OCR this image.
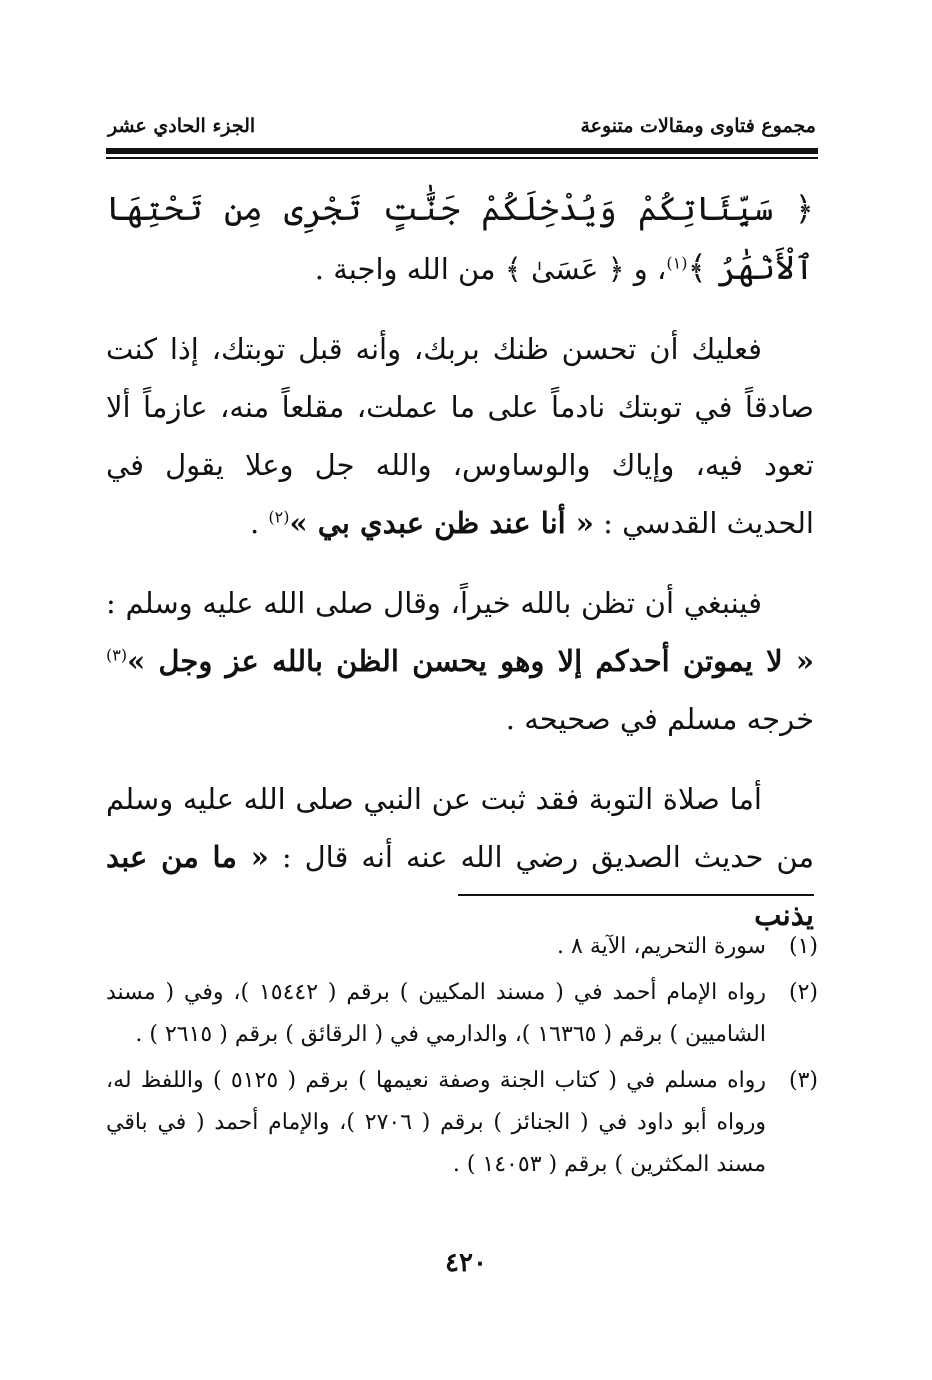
الجزء الحادي عشر	مجموع فتاوى ومقالات متنوعة

﴿ سَيِّئَاتِكُمْ وَيُدْخِلَكُمْ جَنَّٰتٍ تَجْرِى مِن تَحْتِهَا ٱلْأَنْهَٰرُ ﴾$^{(١)}$، و ﴿ عَسَىٰ ﴾ من الله واجبة .

فعليك أن تحسن ظنك بربك، وأنه قبل توبتك، إذا كنت صادقاً في توبتك نادماً على ما عملت، مقلعاً منه، عازماً ألا تعود فيه، وإياك والوساوس، والله جل وعلا يقول في الحديث القدسي : « أنا عند ظن عبدي بي »$^{(٢)}$ .

فينبغي أن تظن بالله خيراً، وقال صلى الله عليه وسلم : « لا يموتن أحدكم إلا وهو يحسن الظن بالله عز وجل »$^{(٣)}$ خرجه مسلم في صحيحه .

أما صلاة التوبة فقد ثبت عن النبي صلى الله عليه وسلم من حديث الصديق رضي الله عنه أنه قال : « ما من عبد يذنب

(١)
سورة التحريم، الآية ٨ .
(٢)
رواه الإمام أحمد في ( مسند المكيين ) برقم ( ١٥٤٤٢ )، وفي ( مسند الشاميين ) برقم ( ١٦٣٦٥ )، والدارمي في ( الرقائق ) برقم ( ٢٦١٥ ) .
(٣)
رواه مسلم في ( كتاب الجنة وصفة نعيمها ) برقم ( ٥١٢٥ ) واللفظ له، ورواه أبو داود في ( الجنائز ) برقم ( ٢٧٠٦ )، والإمام أحمد ( في باقي مسند المكثرين ) برقم ( ١٤٠٥٣ ) .
٤٢٠
